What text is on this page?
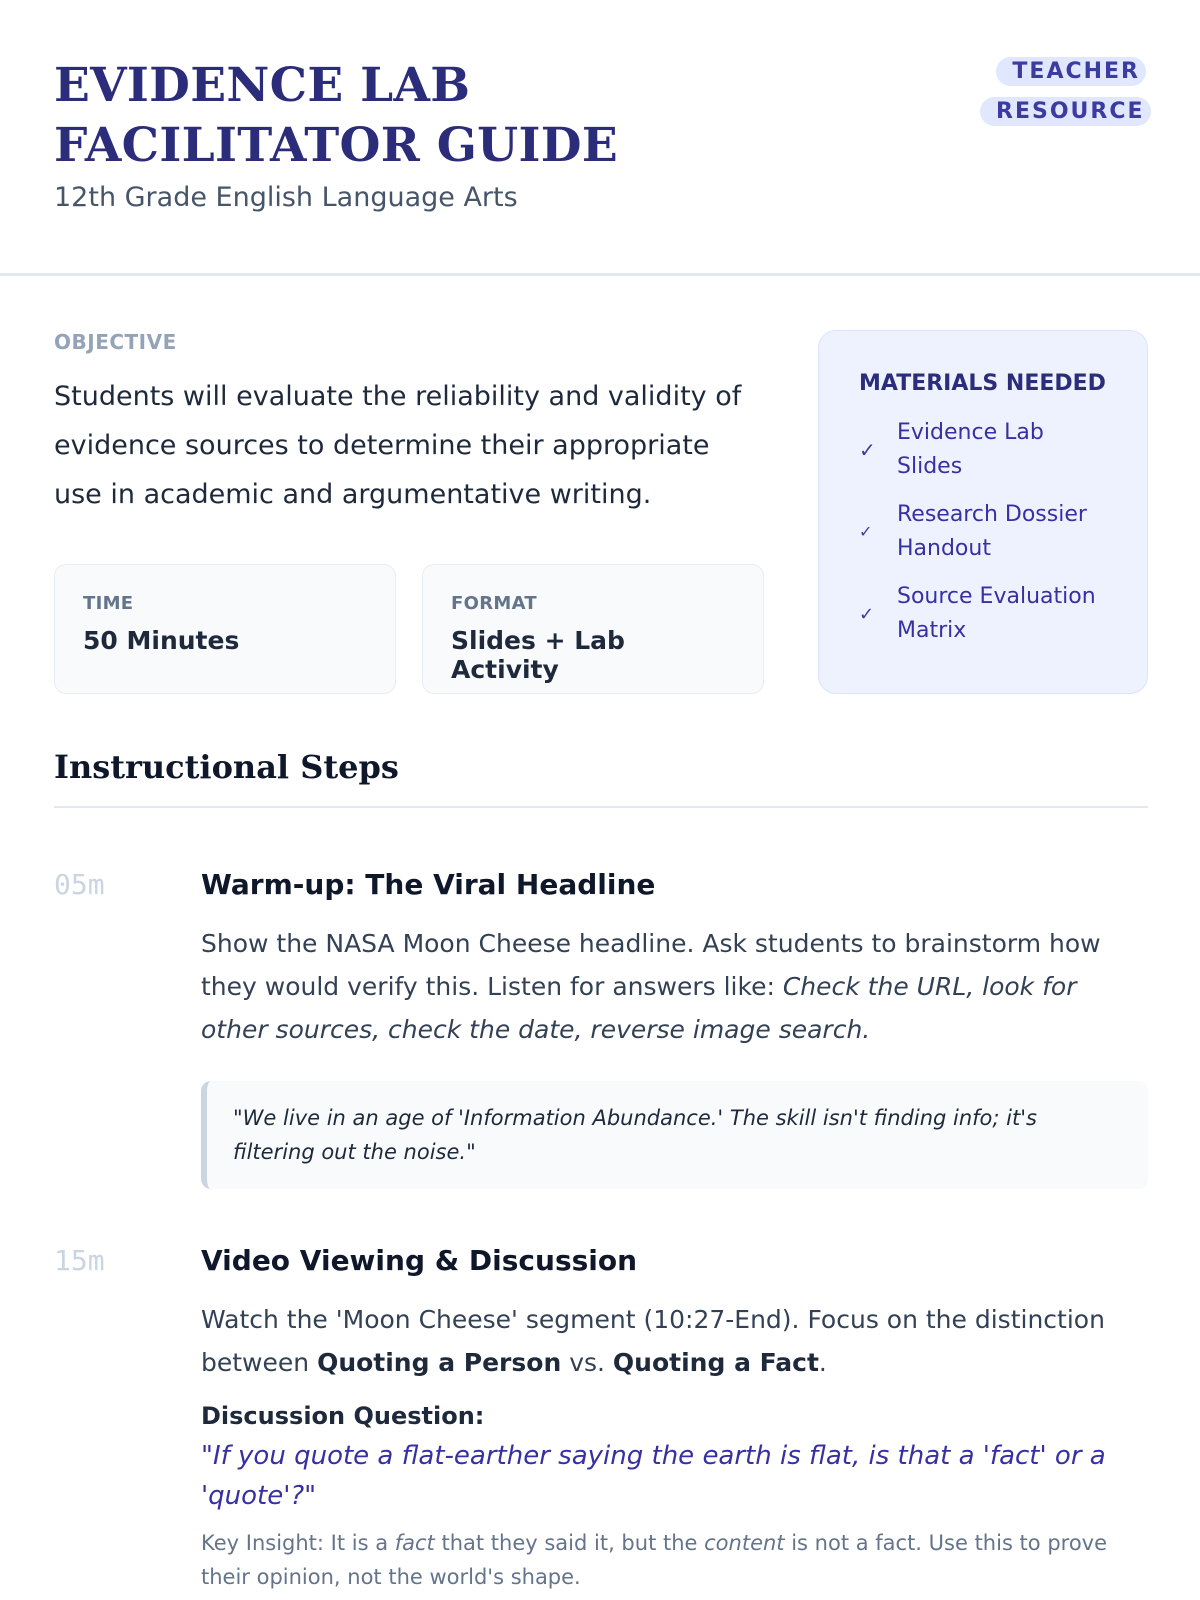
EVIDENCE LAB FACILITATOR GUIDE
12th Grade English Language Arts
TEACHER RESOURCE
OBJECTIVE

Students will evaluate the reliability and validity of evidence sources to determine their appropriate use in academic and argumentative writing.

TIME
50 Minutes
FORMAT
Slides + Lab Activity
MATERIALS NEEDED
✓
Evidence Lab Slides
✓
Research Dossier Handout
✓
Source Evaluation Matrix
Instructional Steps
05m	Warm-up: The Viral Headline

Show the NASA Moon Cheese headline. Ask students to brainstorm how they would verify this. Listen for answers like: Check the URL, look for other sources, check the date, reverse image search.

"We live in an age of 'Information Abundance.' The skill isn't finding info; it's filtering out the noise."
15m	Video Viewing & Discussion

Watch the 'Moon Cheese' segment (10:27-End). Focus on the distinction between Quoting a Person vs. Quoting a Fact.

Discussion Question:
"If you quote a flat-earther saying the earth is flat, is that a 'fact' or a 'quote'?"

Key Insight: It is a fact that they said it, but the content is not a fact. Use this to prove their opinion, not the world's shape.
